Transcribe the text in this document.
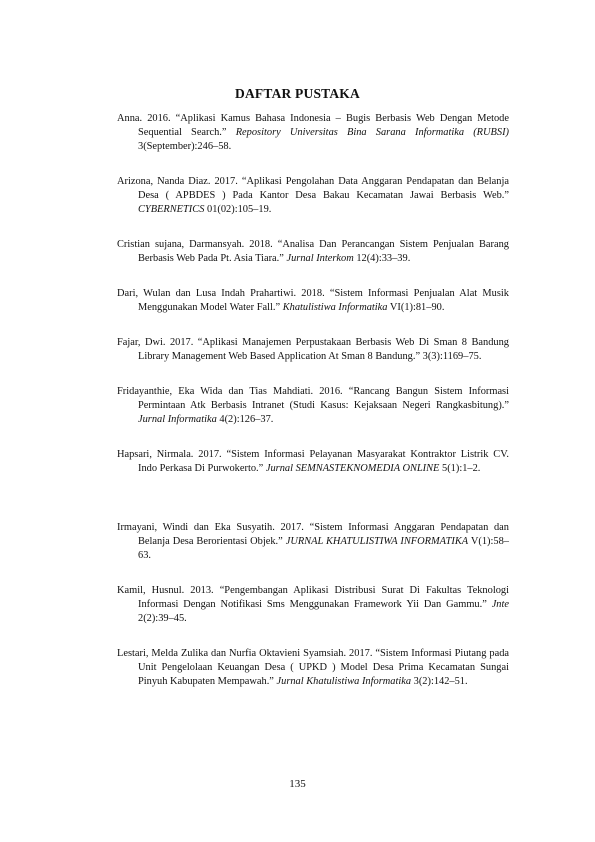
DAFTAR PUSTAKA

Anna. 2016. “Aplikasi Kamus Bahasa Indonesia – Bugis Berbasis Web Dengan Metode Sequential Search.” Repository Universitas Bina Sarana Informatika (RUBSI) 3(September):246–58.

Arizona, Nanda Diaz. 2017. “Aplikasi Pengolahan Data Anggaran Pendapatan dan Belanja Desa ( APBDES ) Pada Kantor Desa Bakau Kecamatan Jawai Berbasis Web.” CYBERNETICS 01(02):105–19.

Cristian sujana, Darmansyah. 2018. “Analisa Dan Perancangan Sistem Penjualan Barang Berbasis Web Pada Pt. Asia Tiara.” Jurnal Interkom 12(4):33–39.

Dari, Wulan dan Lusa Indah Prahartiwi. 2018. “Sistem Informasi Penjualan Alat Musik Menggunakan Model Water Fall.” Khatulistiwa Informatika VI(1):81–90.

Fajar, Dwi. 2017. “Aplikasi Manajemen Perpustakaan Berbasis Web Di Sman 8 Bandung Library Management Web Based Application At Sman 8 Bandung.” 3(3):1169–75.

Fridayanthie, Eka Wida dan Tias Mahdiati. 2016. “Rancang Bangun Sistem Informasi Permintaan Atk Berbasis Intranet (Studi Kasus: Kejaksaan Negeri Rangkasbitung).” Jurnal Informatika 4(2):126–37.

Hapsari, Nirmala. 2017. “Sistem Informasi Pelayanan Masyarakat Kontraktor Listrik CV. Indo Perkasa Di Purwokerto.” Jurnal SEMNASTEKNOMEDIA ONLINE 5(1):1–2.

Irmayani, Windi dan Eka Susyatih. 2017. “Sistem Informasi Anggaran Pendapatan dan Belanja Desa Berorientasi Objek.” JURNAL KHATULISTIWA INFORMATIKA V(1):58–63.

Kamil, Husnul. 2013. “Pengembangan Aplikasi Distribusi Surat Di Fakultas Teknologi Informasi Dengan Notifikasi Sms Menggunakan Framework Yii Dan Gammu.” Jnte 2(2):39–45.

Lestari, Melda Zulika dan Nurfia Oktavieni Syamsiah. 2017. “Sistem Informasi Piutang pada Unit Pengelolaan Keuangan Desa ( UPKD ) Model Desa Prima Kecamatan Sungai Pinyuh Kabupaten Mempawah.” Jurnal Khatulistiwa Informatika 3(2):142–51.

135
